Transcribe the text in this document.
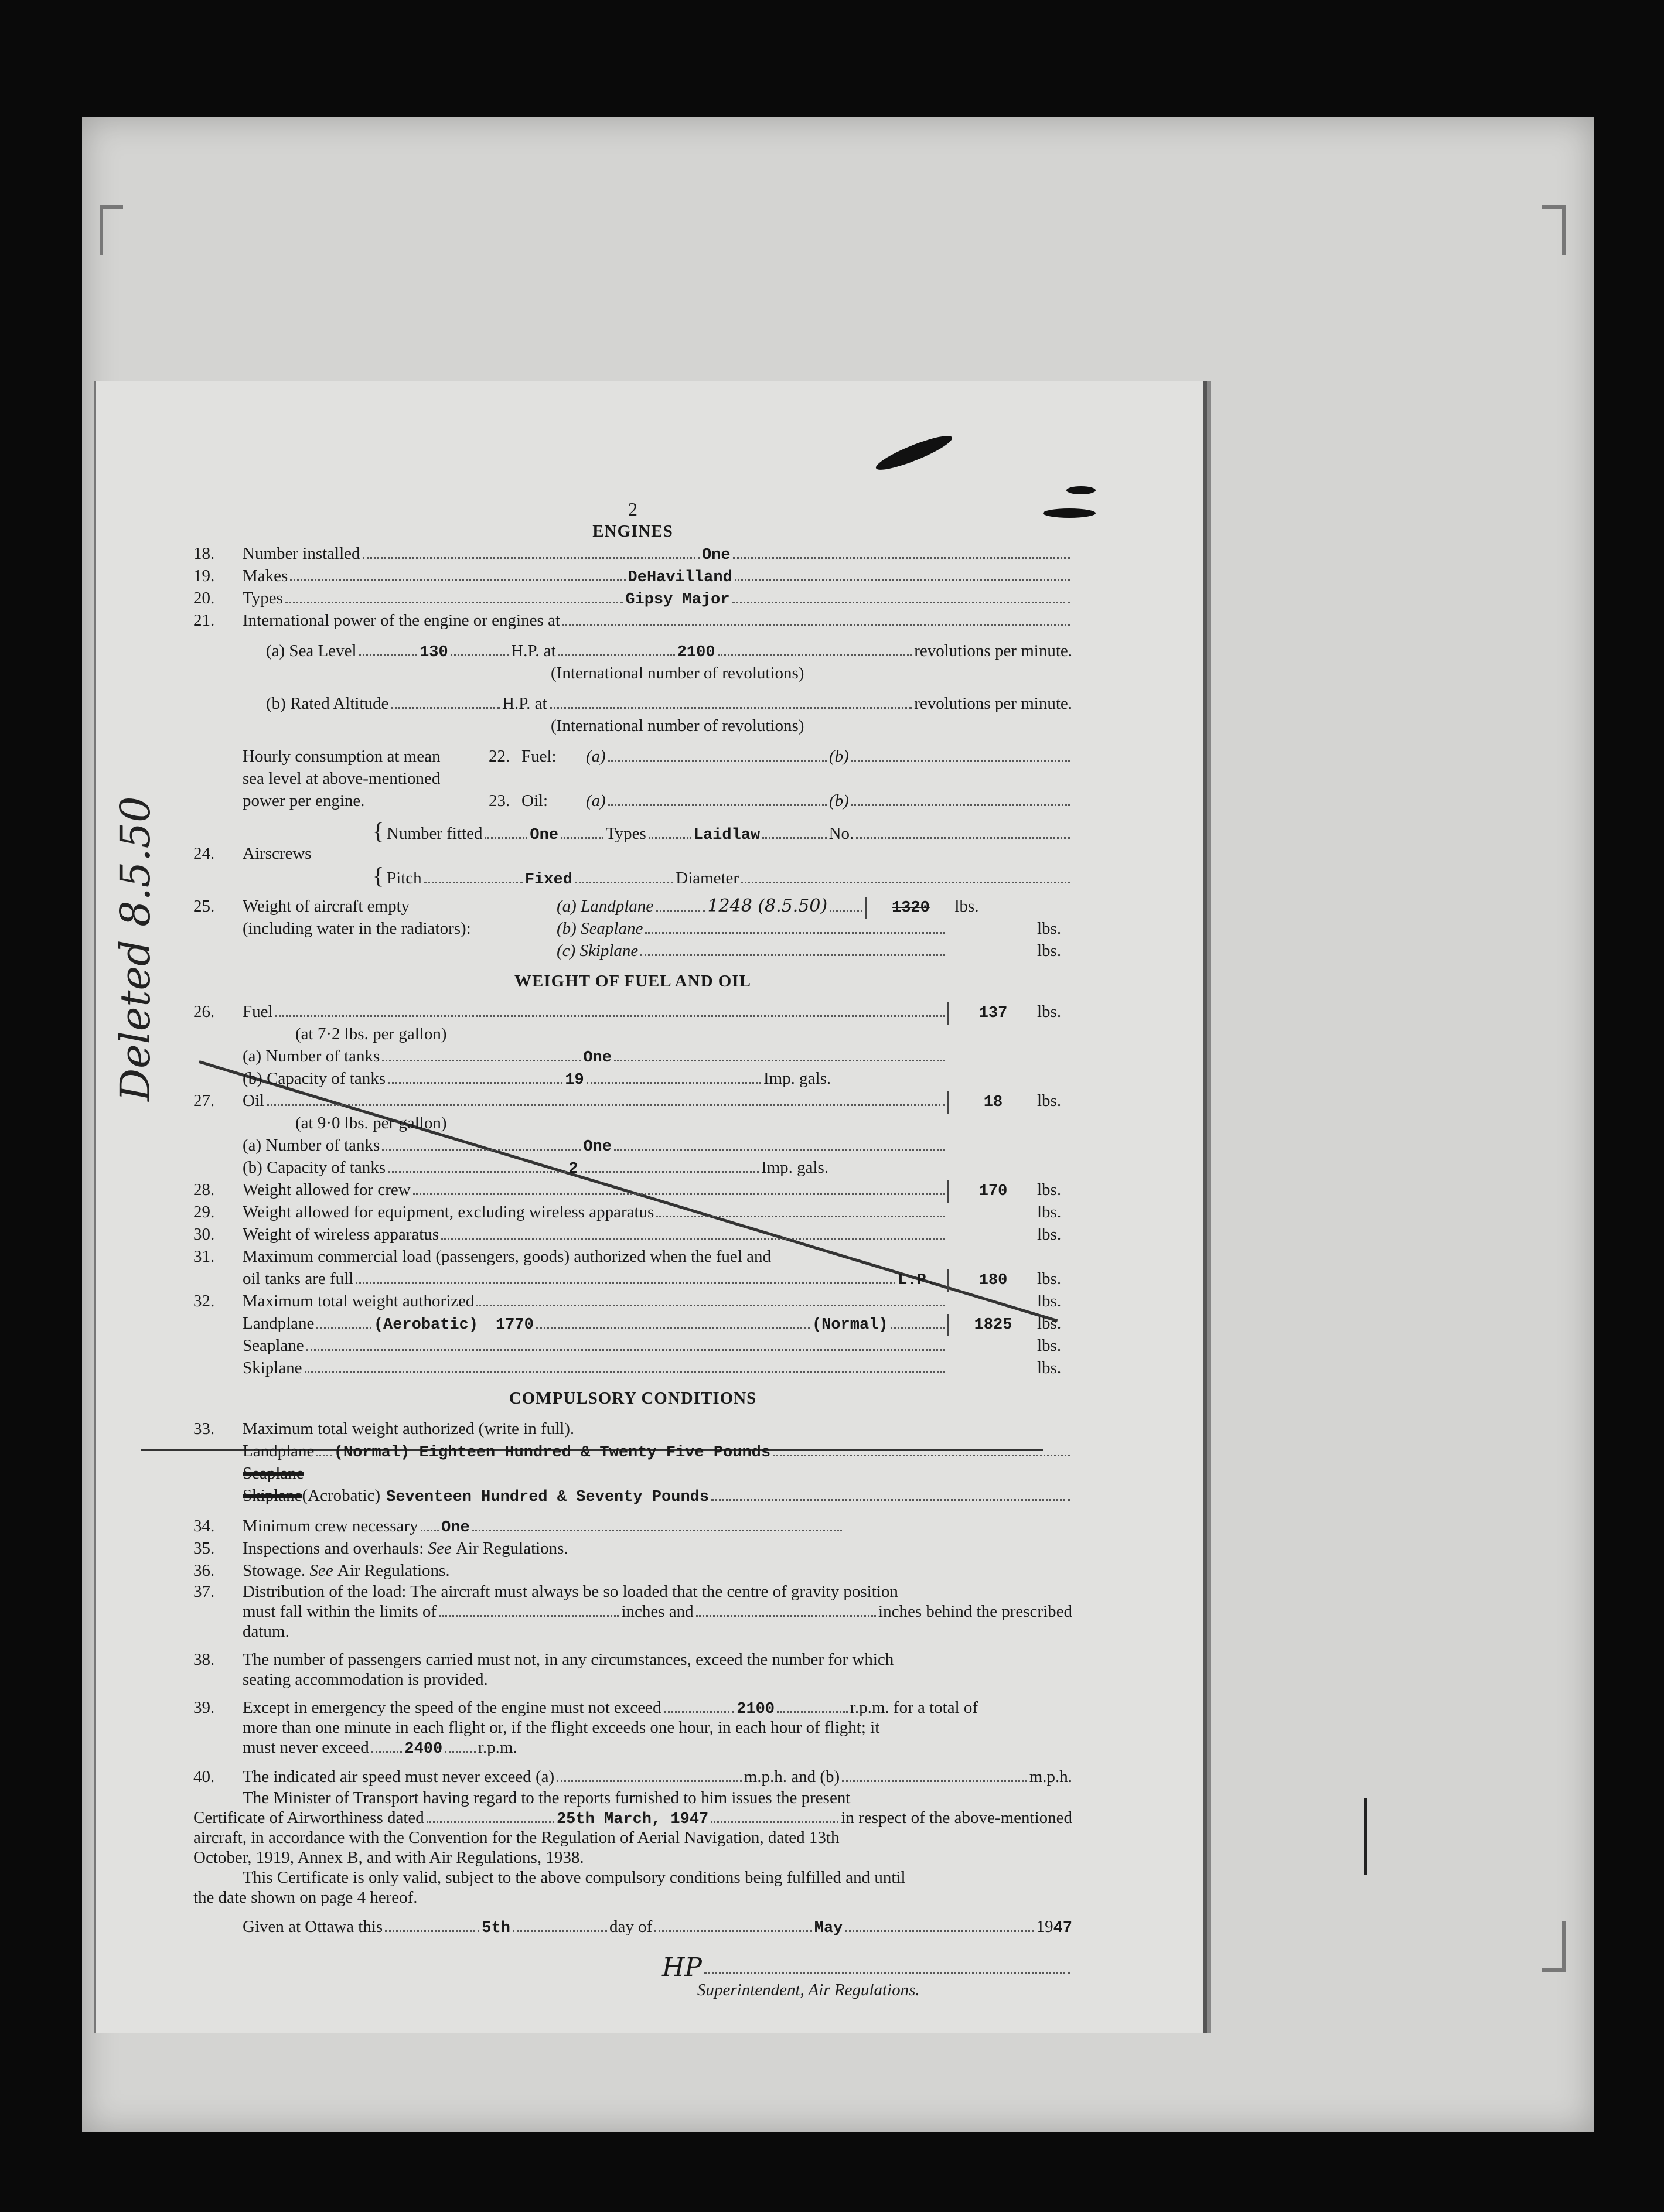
Deleted 8.5.50
2
ENGINES
18.	Number installed	One
19.	Makes	DeHavilland
20.	Types	Gipsy Major
21.	International power of the engine or engines at
(a) Sea Level	130	H.P. at	2100	revolutions per minute.
(International number of revolutions)
(b) Rated Altitude	H.P. at	revolutions per minute.
(International number of revolutions)
Hourly consumption at mean	22. Fuel:	(a)	(b)
sea level at above-mentioned
power per engine.	23. Oil:	(a)	(b)
{ Number fitted	One	Types	Laidlaw	No.
24.	Airscrews
{ Pitch	Fixed	Diameter
25.	Weight of aircraft empty	(a) Landplane	1248 (8.5.50)	1320	lbs.
(including water in the radiators):	(b) Seaplane	lbs.
(c) Skiplane	lbs.
WEIGHT OF FUEL AND OIL
26.	Fuel	137	lbs.
(at 7·2 lbs. per gallon)
(a) Number of tanks	One
(b) Capacity of tanks	19	Imp. gals.
27.	Oil	18	lbs.
(at 9·0 lbs. per gallon)
(a) Number of tanks	One
(b) Capacity of tanks	2	Imp. gals.
28.	Weight allowed for crew	170	lbs.
29.	Weight allowed for equipment, excluding wireless apparatus	lbs.
30.	Weight of wireless apparatus	lbs.
31.	Maximum commercial load (passengers, goods) authorized when the fuel and
oil tanks are full	L.P.	180	lbs.
32.	Maximum total weight authorized	lbs.
Landplane	(Aerobatic) 1770	(Normal)	1825	lbs.
Seaplane	lbs.
Skiplane	lbs.
COMPULSORY CONDITIONS
33.	Maximum total weight authorized (write in full).
Landplane (Normal) Eighteen Hundred & Twenty Five Pounds
Seaplane
Skiplane (Acrobatic) Seventeen Hundred & Seventy Pounds
34.	Minimum crew necessary One
35.	Inspections and overhauls:
See
Air Regulations.
36.	Stowage.
See
Air Regulations.
37.	Distribution of the load: The aircraft must always be so loaded that the centre of gravity position
must fall within the limits of	inches and	inches behind the prescribed
datum.
38.	The number of passengers carried must not, in any circumstances, exceed the number for which
seating accommodation is provided.
39.	Except in emergency the speed of the engine must not exceed	2100	r.p.m. for a total of
more than one minute in each flight or, if the flight exceeds one hour, in each hour of flight; it
must never exceed 2400 r.p.m.
40.	The indicated air speed must never exceed (a)	m.p.h. and (b)	m.p.h.
The Minister of Transport having regard to the reports furnished to him issues the present
Certificate of Airworthiness dated	25th March, 1947	in respect of the above-mentioned
aircraft, in accordance with the Convention for the Regulation of Aerial Navigation, dated 13th
October, 1919, Annex B, and with Air Regulations, 1938.
This Certificate is only valid, subject to the above compulsory conditions being fulfilled and until
the date shown on page 4 hereof.
Given at Ottawa this	5th	day of	May	19 47
HP
Superintendent, Air Regulations.
